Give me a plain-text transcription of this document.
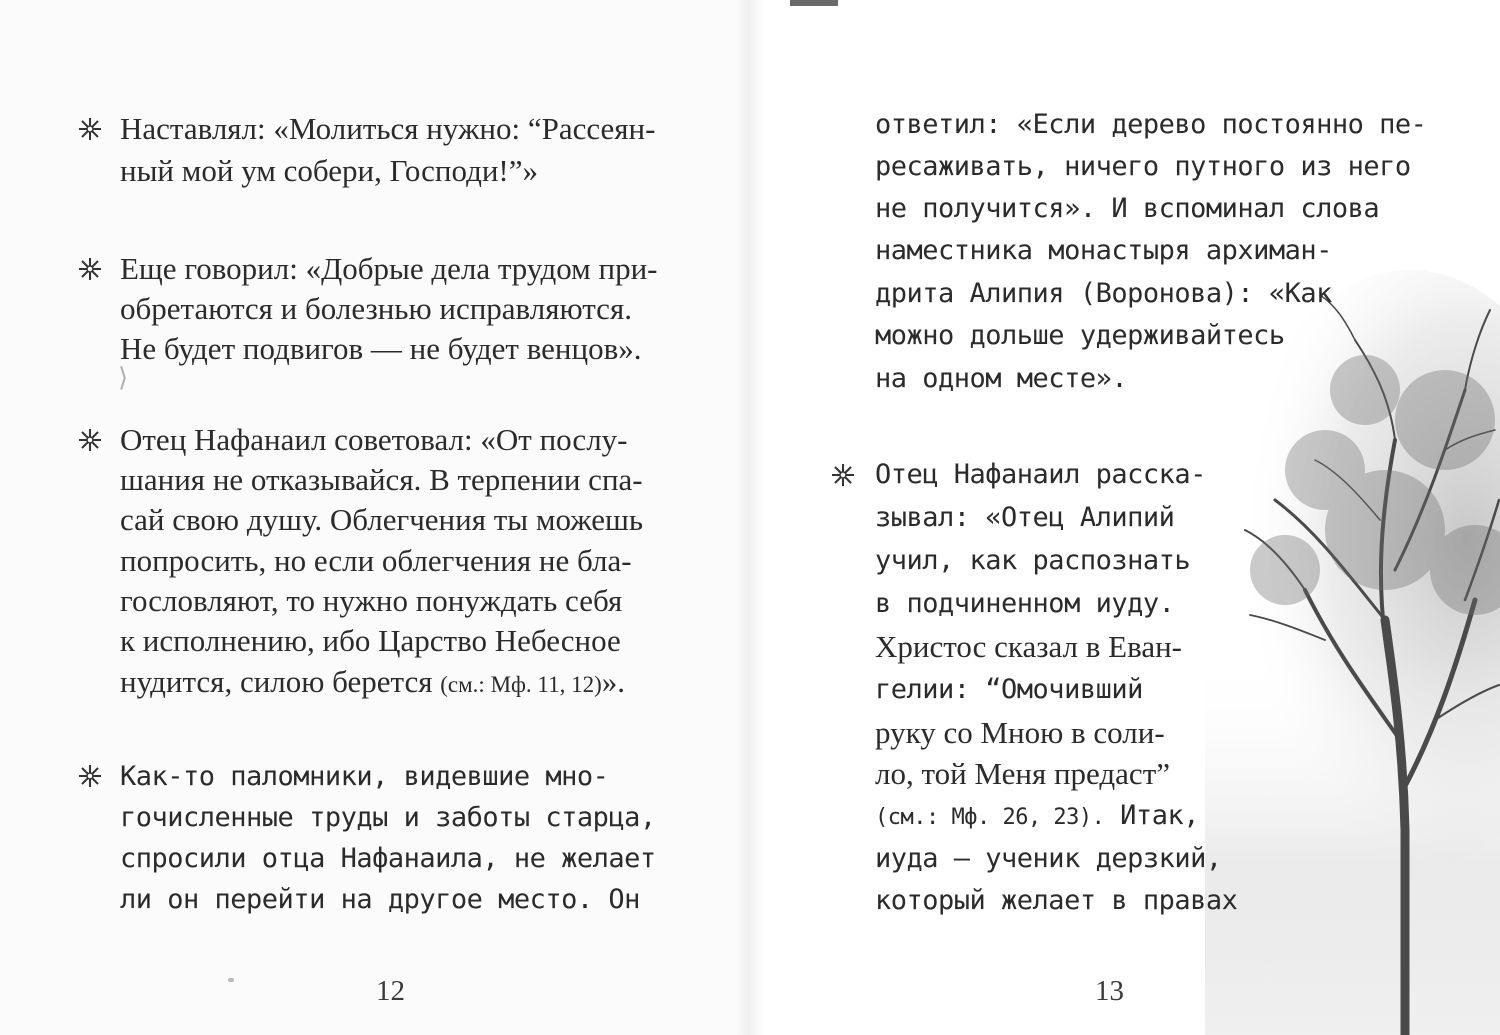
⟩
Наставлял: «Молиться нужно: “Рассеян-
ный мой ум собери, Господи!”»
Еще говорил: «Добрые дела трудом при-
обретаются и болезнью исправляются.
Не будет подвигов — не будет венцов».
Отец Нафанаил советовал: «От послу-
шания не отказывайся. В терпении спа-
сай свою душу. Облегчения ты можешь
попросить, но если облегчения не бла-
гословляют, то нужно понуждать себя
к исполнению, ибо Царство Небесное
нудится, силою берется (см.: Мф. 11, 12)».
Как-то паломники, видевшие мно-
гочисленные труды и заботы старца,
спросили отца Нафанаила, не желает
ли он перейти на другое место. Он
12
ответил: «Если дерево постоянно пе-
ресаживать, ничего путного из него
не получится». И вспоминал слова
наместника монастыря архиман-
дрита Алипия (Воронова): «Как
можно дольше удерживайтесь
на одном месте».
Отец Нафанаил расска-
зывал: «Отец Алипий
учил, как распознать
в подчиненном иуду.
Христос сказал в Еван-
гелии: “Омочивший
руку со Мною в соли-
ло, той Меня предаст”
(см.: Мф. 26, 23). Итак,
иуда — ученик дерзкий,
который желает в правах
13
